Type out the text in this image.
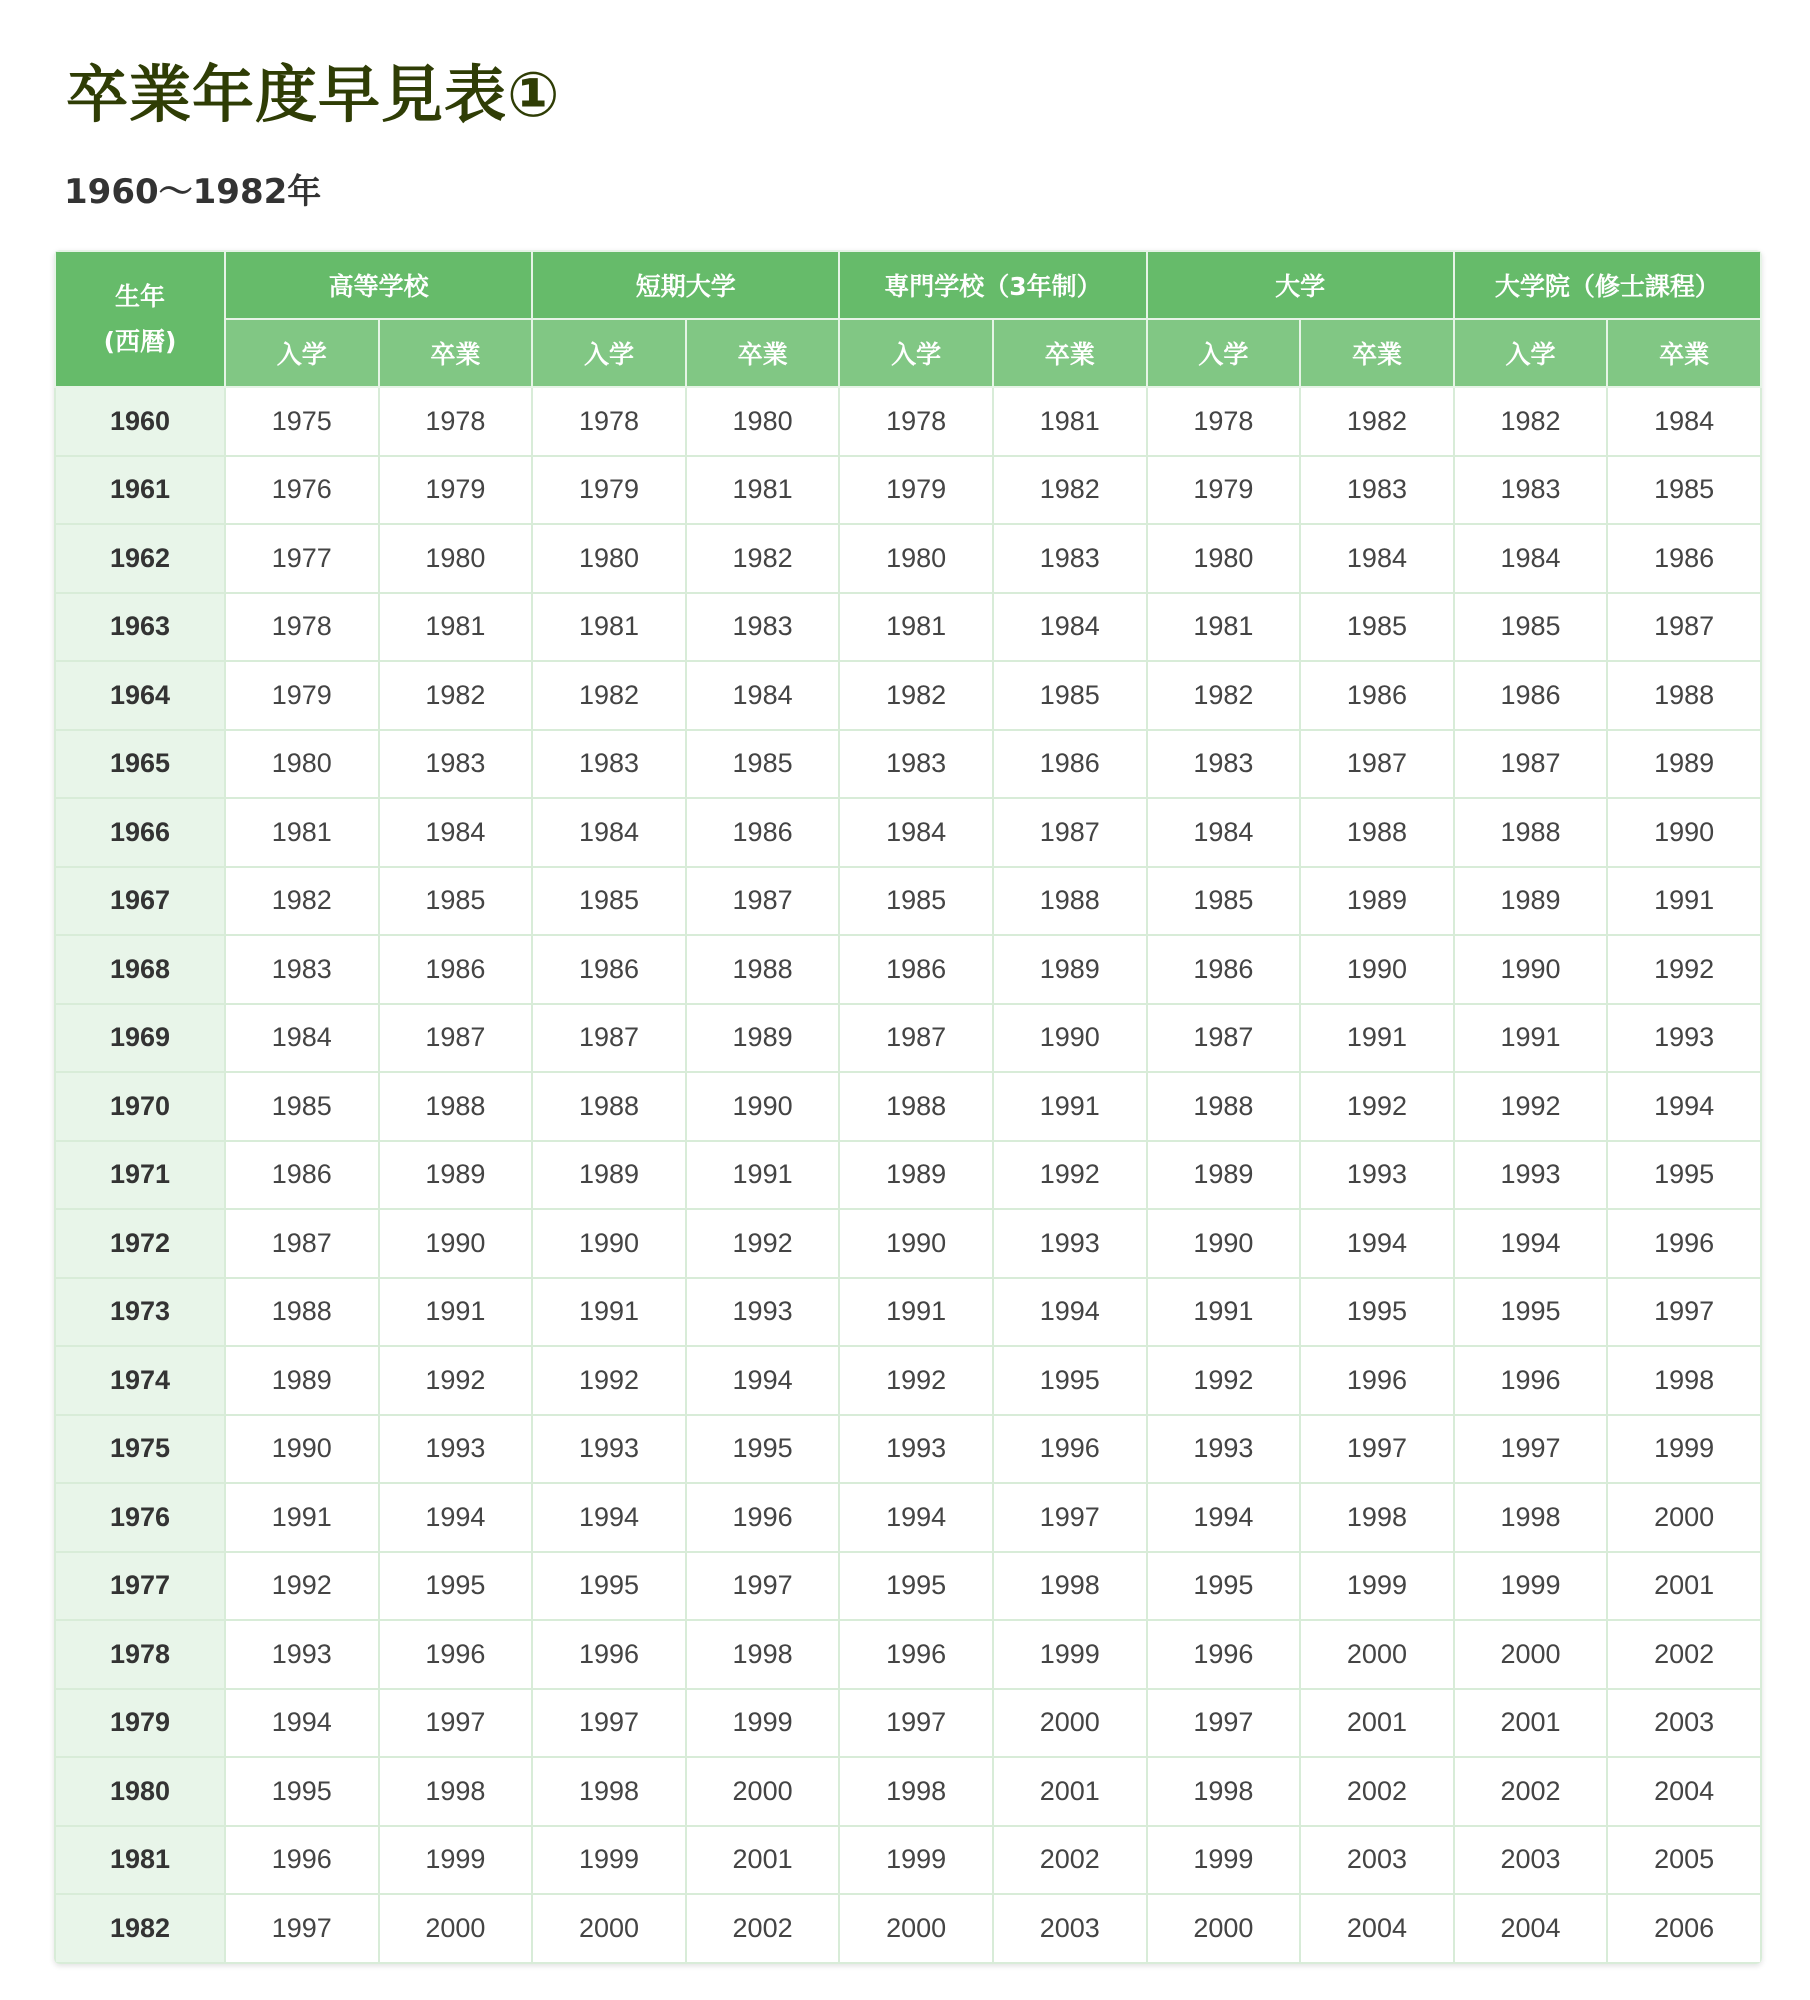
卒業年度早見表①
1960〜1982年
生年
(西暦)	高等学校		短期大学		専門学校（3年制）		大学		大学院（修士課程）	
	入学	卒業	入学	卒業	入学	卒業	入学	卒業	入学	卒業
1960	1975	1978	1978	1980	1978	1981	1978	1982	1982	1984
1961	1976	1979	1979	1981	1979	1982	1979	1983	1983	1985
1962	1977	1980	1980	1982	1980	1983	1980	1984	1984	1986
1963	1978	1981	1981	1983	1981	1984	1981	1985	1985	1987
1964	1979	1982	1982	1984	1982	1985	1982	1986	1986	1988
1965	1980	1983	1983	1985	1983	1986	1983	1987	1987	1989
1966	1981	1984	1984	1986	1984	1987	1984	1988	1988	1990
1967	1982	1985	1985	1987	1985	1988	1985	1989	1989	1991
1968	1983	1986	1986	1988	1986	1989	1986	1990	1990	1992
1969	1984	1987	1987	1989	1987	1990	1987	1991	1991	1993
1970	1985	1988	1988	1990	1988	1991	1988	1992	1992	1994
1971	1986	1989	1989	1991	1989	1992	1989	1993	1993	1995
1972	1987	1990	1990	1992	1990	1993	1990	1994	1994	1996
1973	1988	1991	1991	1993	1991	1994	1991	1995	1995	1997
1974	1989	1992	1992	1994	1992	1995	1992	1996	1996	1998
1975	1990	1993	1993	1995	1993	1996	1993	1997	1997	1999
1976	1991	1994	1994	1996	1994	1997	1994	1998	1998	2000
1977	1992	1995	1995	1997	1995	1998	1995	1999	1999	2001
1978	1993	1996	1996	1998	1996	1999	1996	2000	2000	2002
1979	1994	1997	1997	1999	1997	2000	1997	2001	2001	2003
1980	1995	1998	1998	2000	1998	2001	1998	2002	2002	2004
1981	1996	1999	1999	2001	1999	2002	1999	2003	2003	2005
1982	1997	2000	2000	2002	2000	2003	2000	2004	2004	2006
